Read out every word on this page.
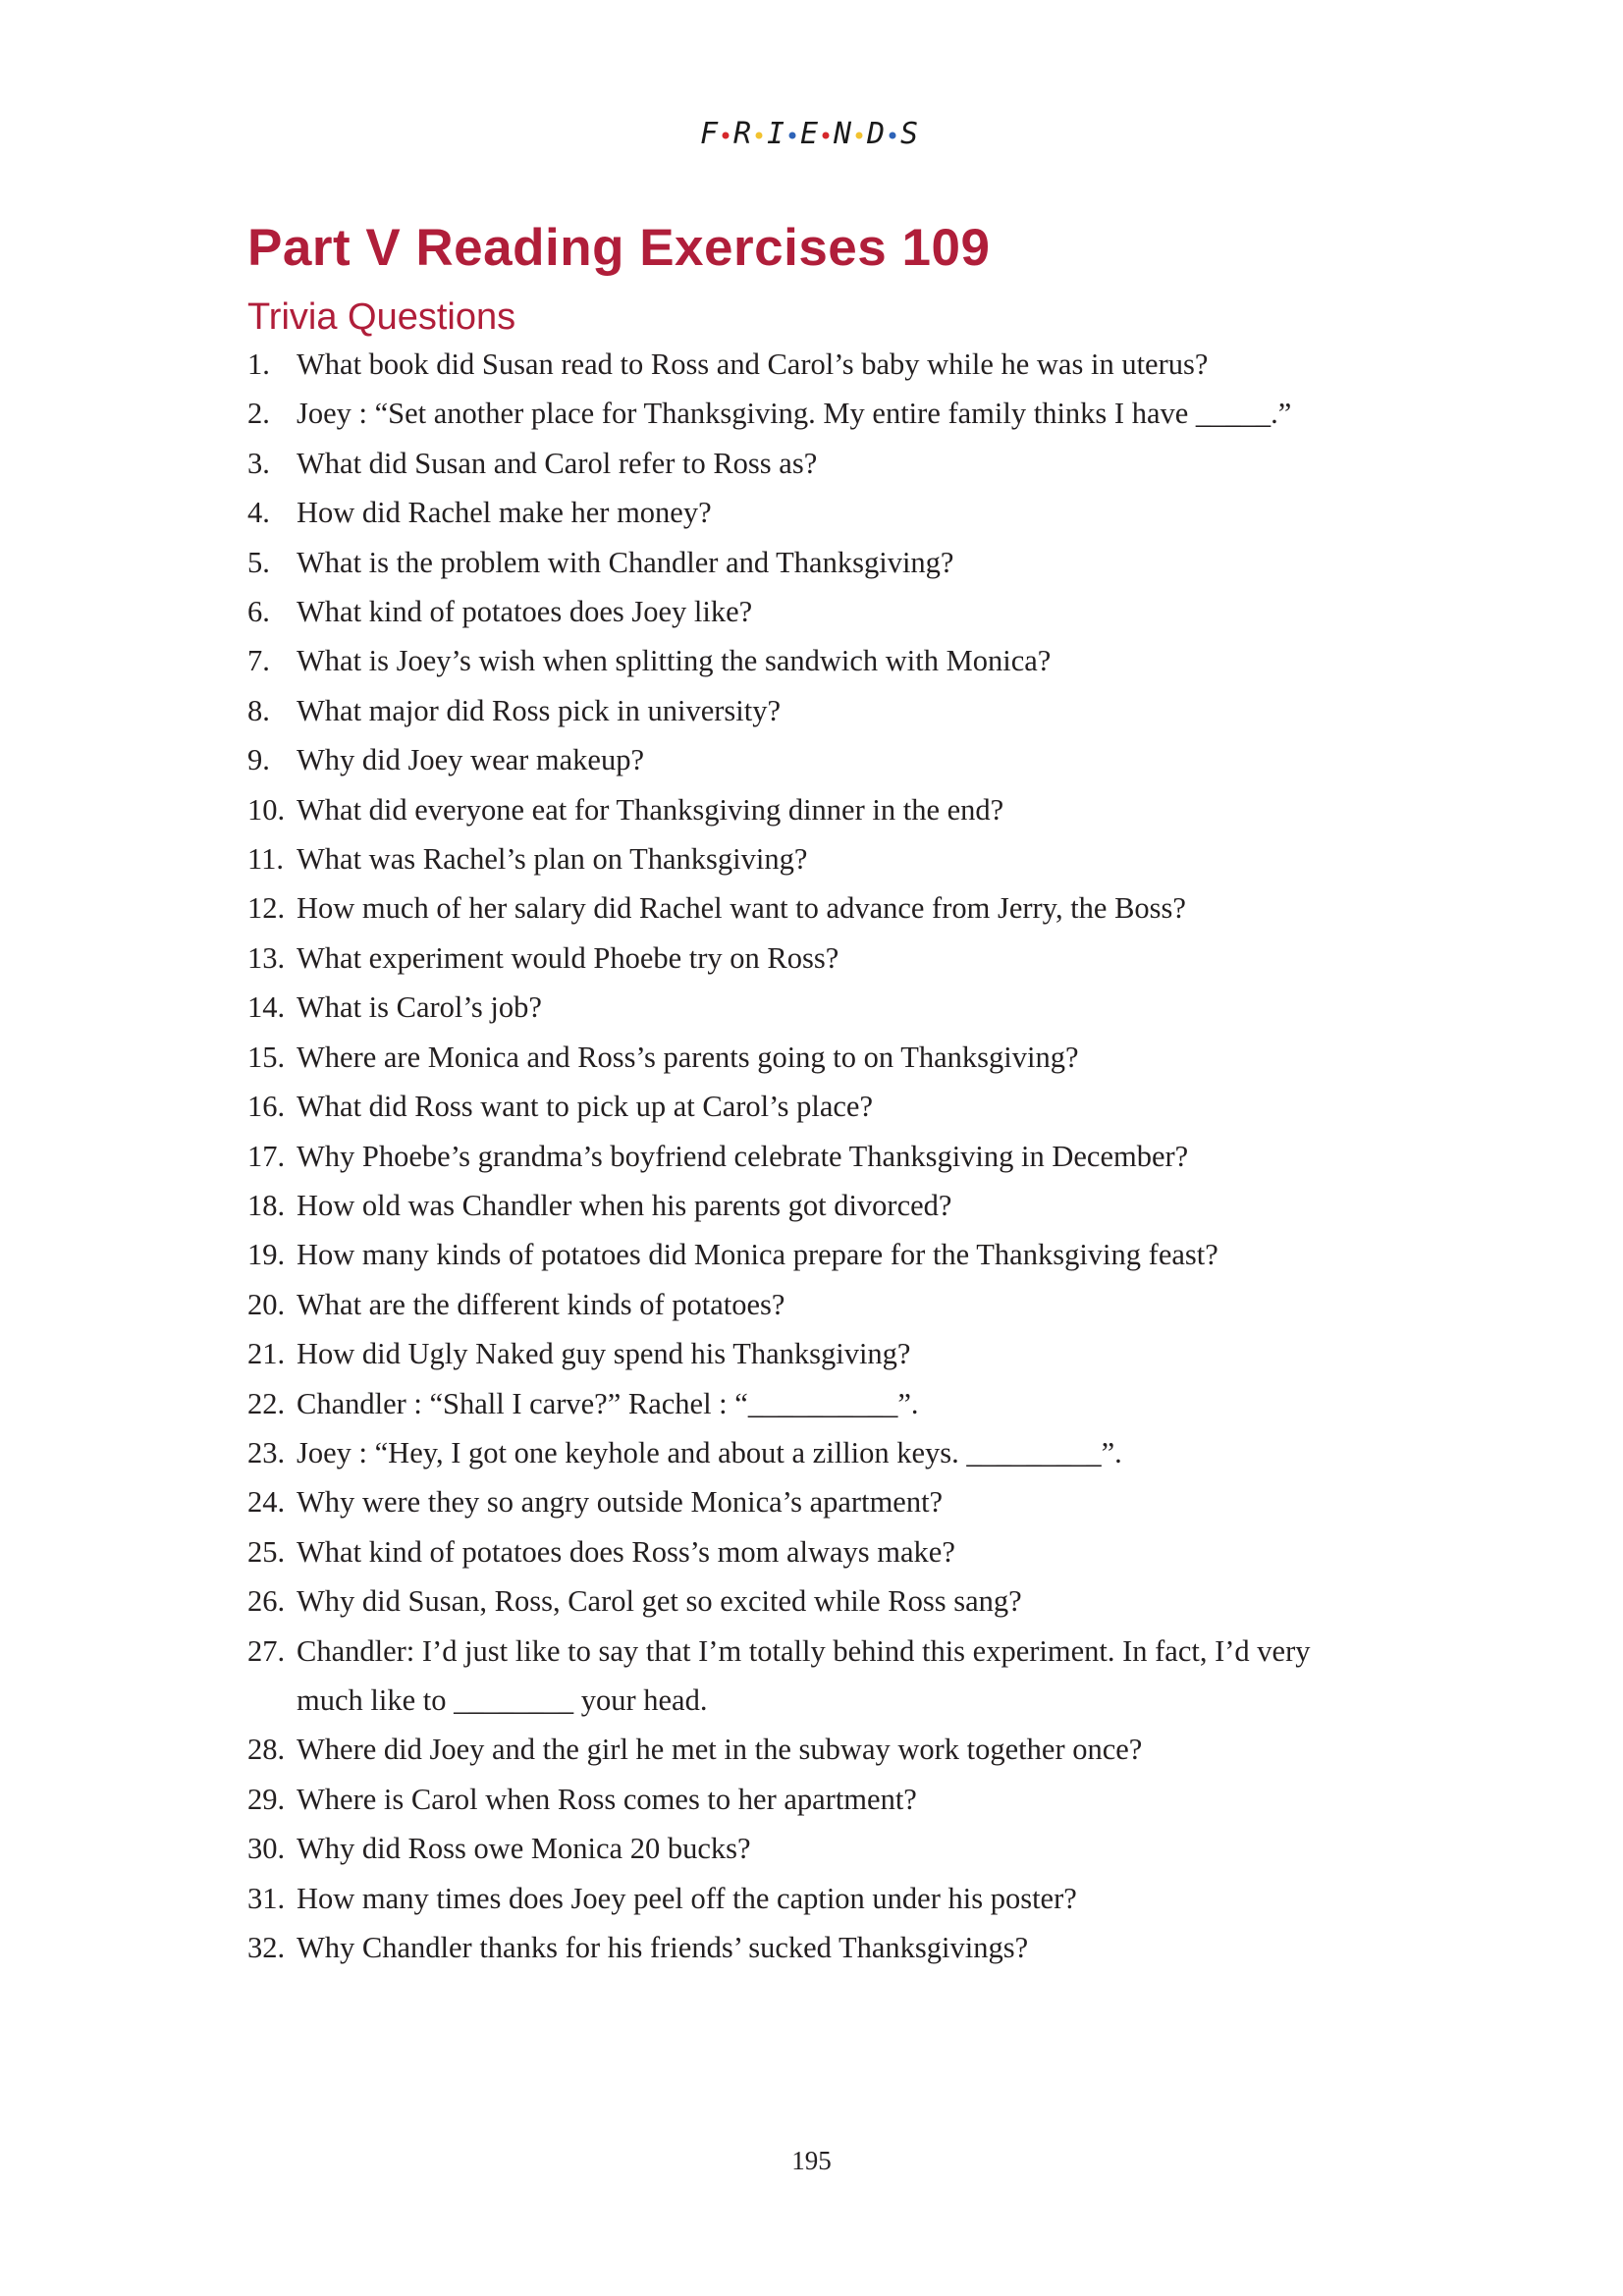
F R I E N D S
Part V Reading Exercises 109
Trivia Questions
1. What book did Susan read to Ross and Carol’s baby while he was in uterus?
2. Joey : “Set another place for Thanksgiving. My entire family thinks I have _____.”
3. What did Susan and Carol refer to Ross as?
4. How did Rachel make her money?
5. What is the problem with Chandler and Thanksgiving?
6. What kind of potatoes does Joey like?
7. What is Joey’s wish when splitting the sandwich with Monica?
8. What major did Ross pick in university?
9. Why did Joey wear makeup?
10. What did everyone eat for Thanksgiving dinner in the end?
11. What was Rachel’s plan on Thanksgiving?
12. How much of her salary did Rachel want to advance from Jerry, the Boss?
13. What experiment would Phoebe try on Ross?
14. What is Carol’s job?
15. Where are Monica and Ross’s parents going to on Thanksgiving?
16. What did Ross want to pick up at Carol’s place?
17. Why Phoebe’s grandma’s boyfriend celebrate Thanksgiving in December?
18. How old was Chandler when his parents got divorced?
19. How many kinds of potatoes did Monica prepare for the Thanksgiving feast?
20. What are the different kinds of potatoes?
21. How did Ugly Naked guy spend his Thanksgiving?
22. Chandler : “Shall I carve?” Rachel : “__________”.
23. Joey : “Hey, I got one keyhole and about a zillion keys. _________”.
24. Why were they so angry outside Monica’s apartment?
25. What kind of potatoes does Ross’s mom always make?
26. Why did Susan, Ross, Carol get so excited while Ross sang?
27. Chandler: I’d just like to say that I’m totally behind this experiment. In fact, I’d very much like to ________ your head.
28. Where did Joey and the girl he met in the subway work together once?
29. Where is Carol when Ross comes to her apartment?
30. Why did Ross owe Monica 20 bucks?
31. How many times does Joey peel off the caption under his poster?
32. Why Chandler thanks for his friends’ sucked Thanksgivings?
195
